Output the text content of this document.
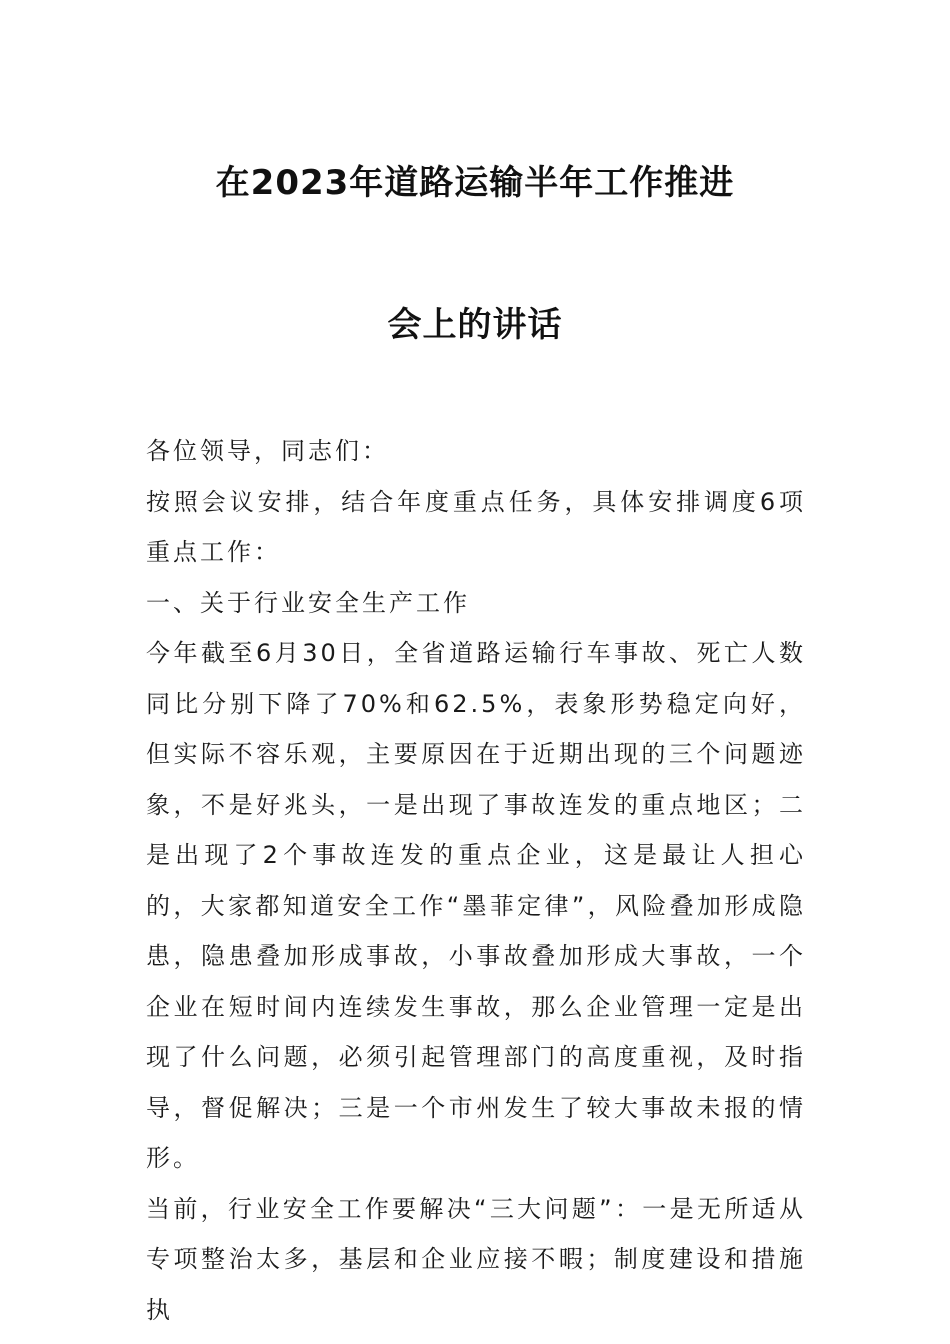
在2023年道路运输半年工作推进
会上的讲话

各位领导，同志们：

按照会议安排，结合年度重点任务，具体安排调度6项重点工作：

一、关于行业安全生产工作

今年截至6月30日，全省道路运输行车事故、死亡人数同比分别下降了70%和62.5%，表象形势稳定向好，但实际不容乐观，主要原因在于近期出现的三个问题迹象，不是好兆头，一是出现了事故连发的重点地区；二是出现了2个事故连发的重点企业，这是最让人担心的，大家都知道安全工作“墨菲定律”，风险叠加形成隐患，隐患叠加形成事故，小事故叠加形成大事故，一个企业在短时间内连续发生事故，那么企业管理一定是出现了什么问题，必须引起管理部门的高度重视，及时指导，督促解决；三是一个市州发生了较大事故未报的情形。

当前，行业安全工作要解决“三大问题”：一是无所适从专项整治太多，基层和企业应接不暇；制度建设和措施执
